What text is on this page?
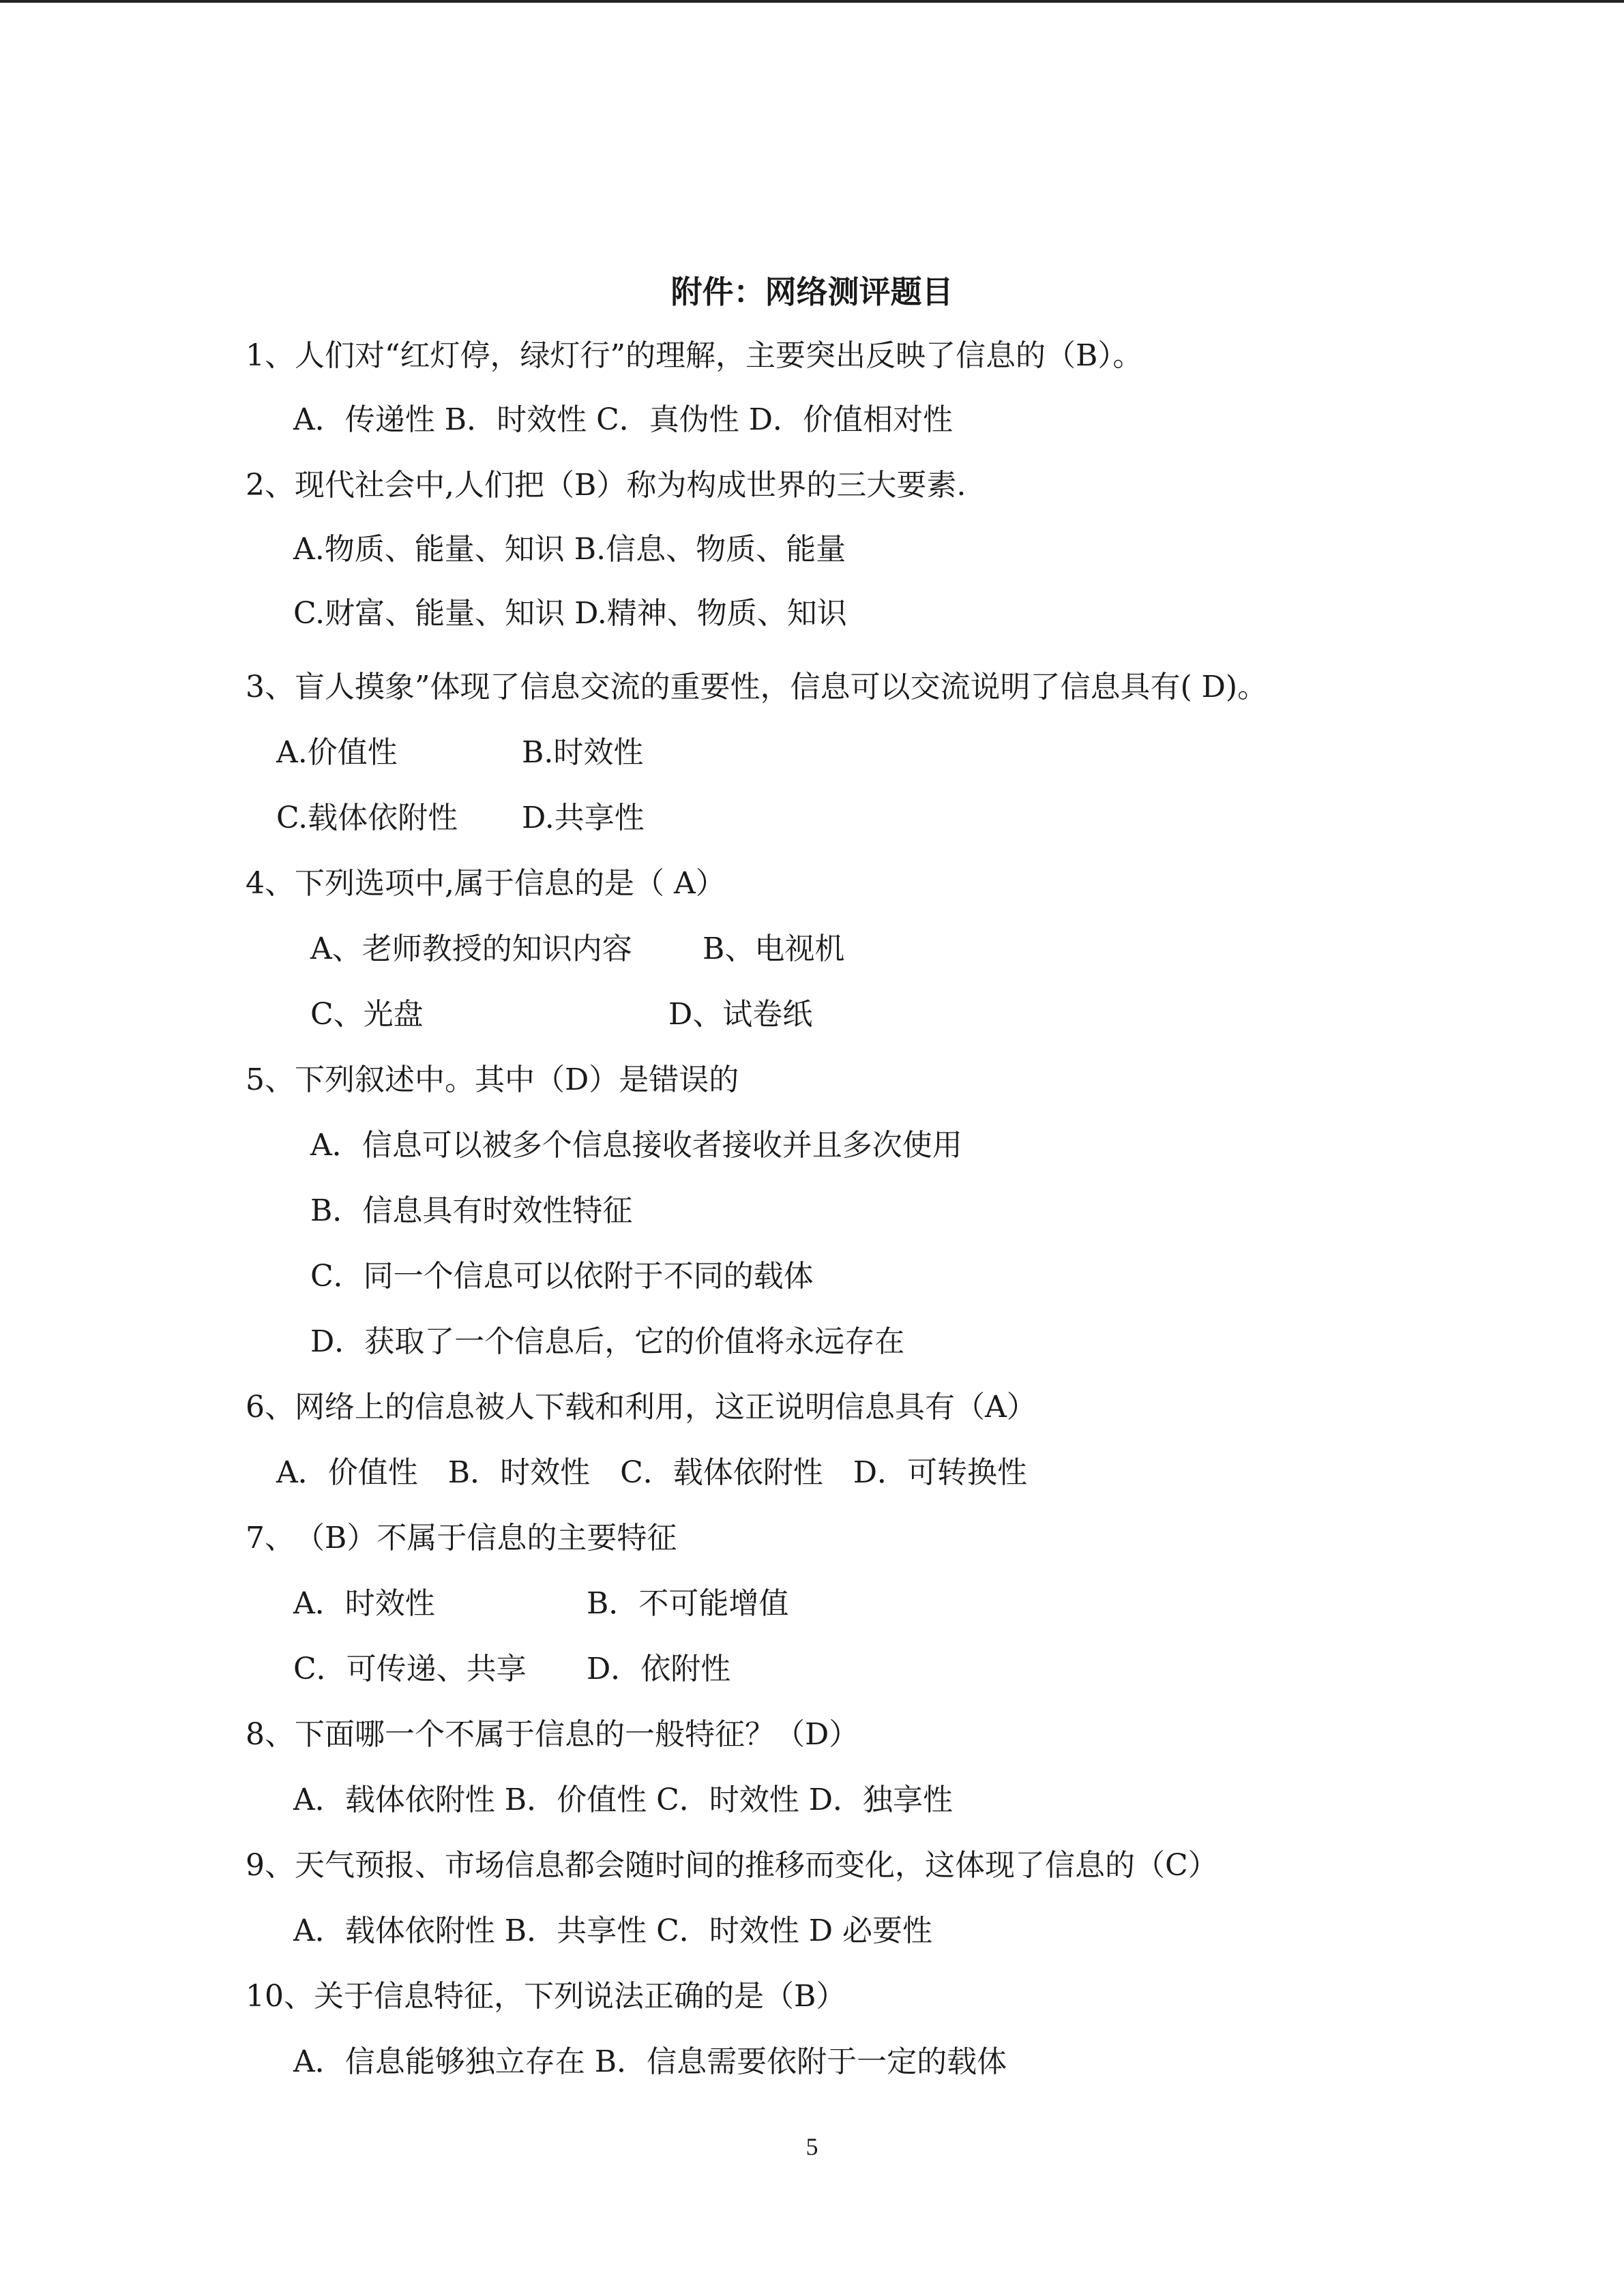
附件：网络测评题目
1、人们对“红灯停，绿灯行”的理解，主要突出反映了信息的（B）。
A．传递性 B．时效性 C．真伪性 D．价值相对性
2、现代社会中,人们把（B）称为构成世界的三大要素.
A.物质、能量、知识 B.信息、物质、能量
C.财富、能量、知识 D.精神、物质、知识
3、盲人摸象”体现了信息交流的重要性，信息可以交流说明了信息具有( D)。
A.价值性	B.时效性
C.载体依附性 D.共享性
4、下列选项中,属于信息的是（ A）
A、老师教授的知识内容 B、电视机
C、光盘	D、试卷纸
5、下列叙述中。其中（D）是错误的
A．信息可以被多个信息接收者接收并且多次使用
B．信息具有时效性特征
C．同一个信息可以依附于不同的载体
D．获取了一个信息后，它的价值将永远存在
6、网络上的信息被人下载和利用，这正说明信息具有（A）
A．价值性　B．时效性　C．载体依附性　D．可转换性
7、　（B）不属于信息的主要特征
A．时效性	B．不可能增值
C．可传递、共享 D．依附性
8、下面哪一个不属于信息的一般特征？（D）
A．载体依附性 B．价值性 C．时效性 D．独享性
9、天气预报、市场信息都会随时间的推移而变化，这体现了信息的（C）
A．载体依附性 B．共享性 C．时效性 D 必要性
10、关于信息特征，下列说法正确的是（B）
A．信息能够独立存在 B．信息需要依附于一定的载体
5
